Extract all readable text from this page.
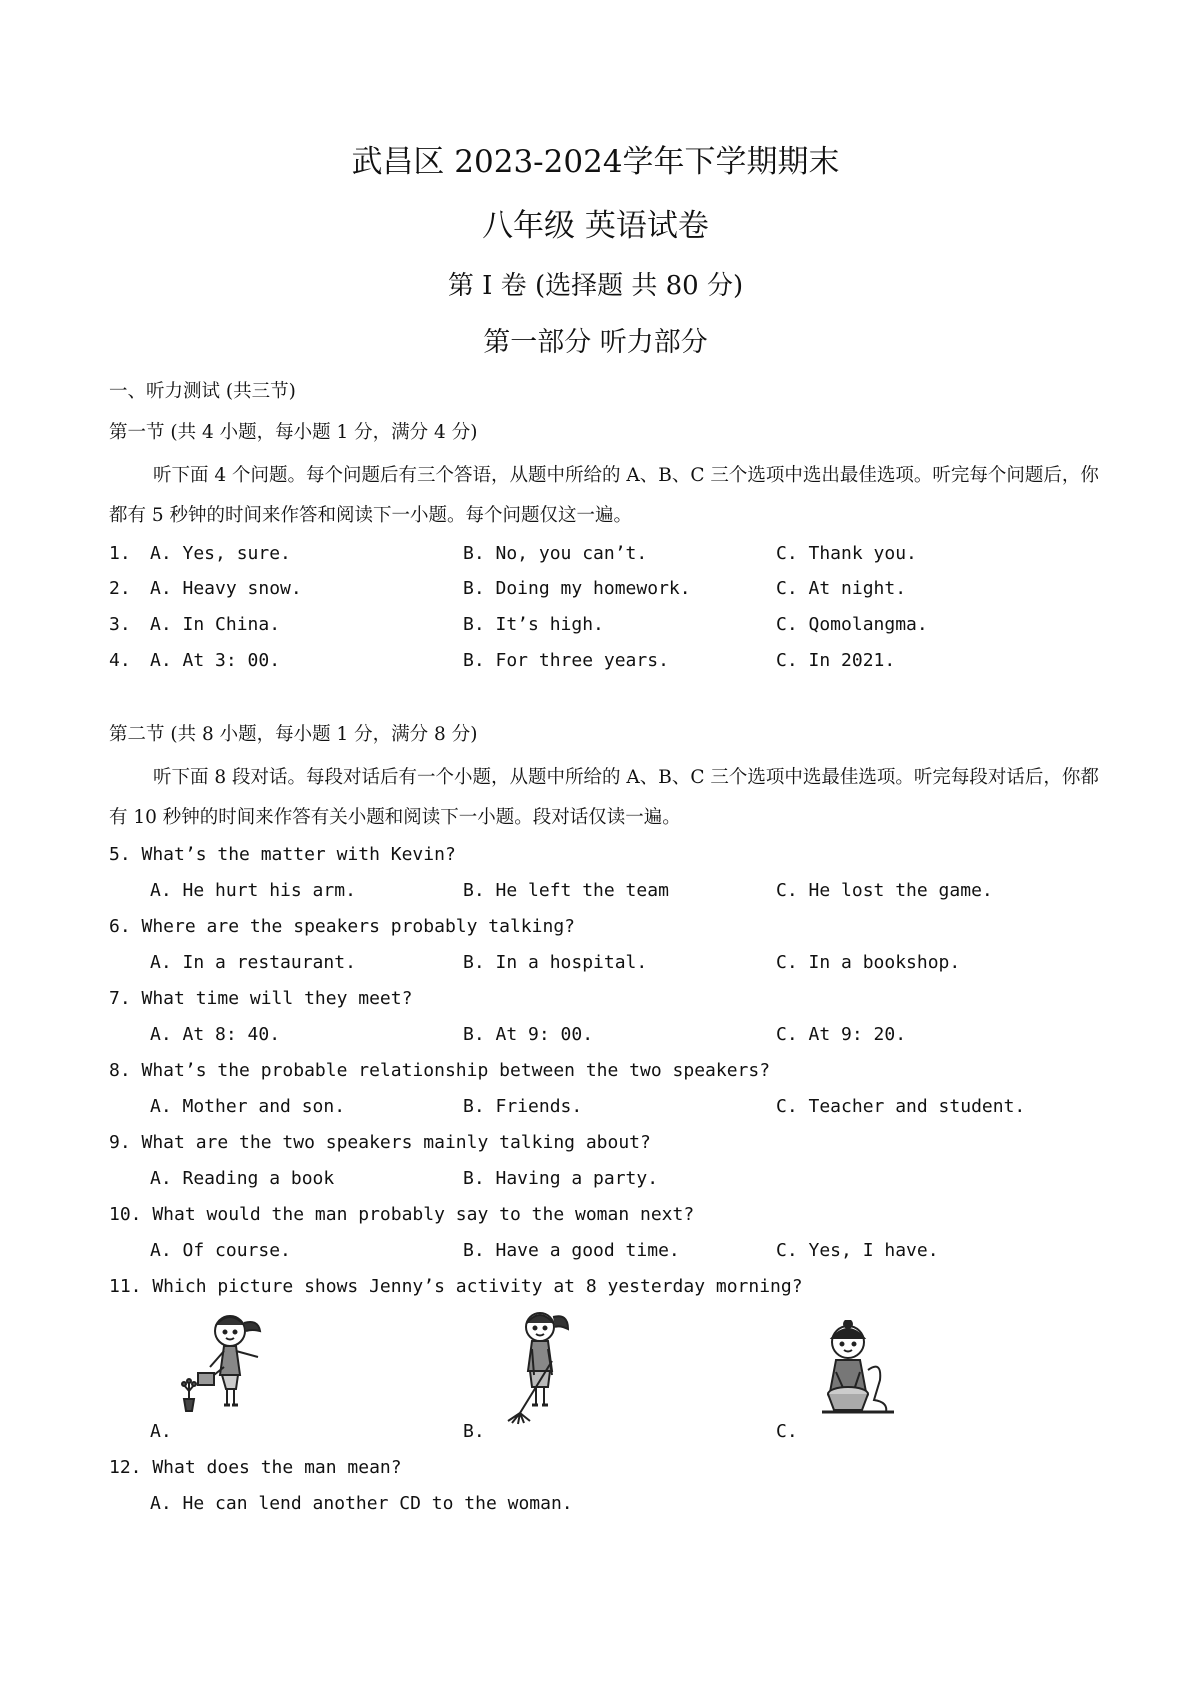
武昌区 2023-2024学年下学期期末
八年级 英语试卷
第 I 卷 (选择题 共 80 分)
第一部分 听力部分
一、听力测试 (共三节)
第一节 (共 4 小题，每小题 1 分，满分 4 分)
听下面 4 个问题。每个问题后有三个答语，从题中所给的 A、B、C 三个选项中选出最佳选项。听完每个问题后，你都有 5 秒钟的时间来作答和阅读下一小题。每个问题仅这一遍。
1. A. Yes, sure.	B. No, you can’t.	C. Thank you.
2. A. Heavy snow.	B. Doing my homework.	C. At night.
3. A. In China.	B. It’s high.	C. Qomolangma.
4. A. At 3: 00.	B. For three years.	C. In 2021.
第二节 (共 8 小题，每小题 1 分，满分 8 分)
听下面 8 段对话。每段对话后有一个小题，从题中所给的 A、B、C 三个选项中选最佳选项。听完每段对话后，你都有 10 秒钟的时间来作答有关小题和阅读下一小题。段对话仅读一遍。
5. What’s the matter with Kevin?
A. He hurt his arm.	B. He left the team	C. He lost the game.
6. Where are the speakers probably talking?
A. In a restaurant.	B. In a hospital.	C. In a bookshop.
7. What time will they meet?
A. At 8: 40.	B. At 9: 00.	C. At 9: 20.
8. What’s the probable relationship between the two speakers?
A. Mother and son.	B. Friends.	C. Teacher and student.
9. What are the two speakers mainly talking about?
A. Reading a book	B. Having a party.
10. What would the man probably say to the woman next?
A. Of course.	B. Have a good time.	C. Yes, I have.
11. Which picture shows Jenny’s activity at 8 yesterday morning?
A.	B.	C.
12. What does the man mean?
A. He can lend another CD to the woman.
